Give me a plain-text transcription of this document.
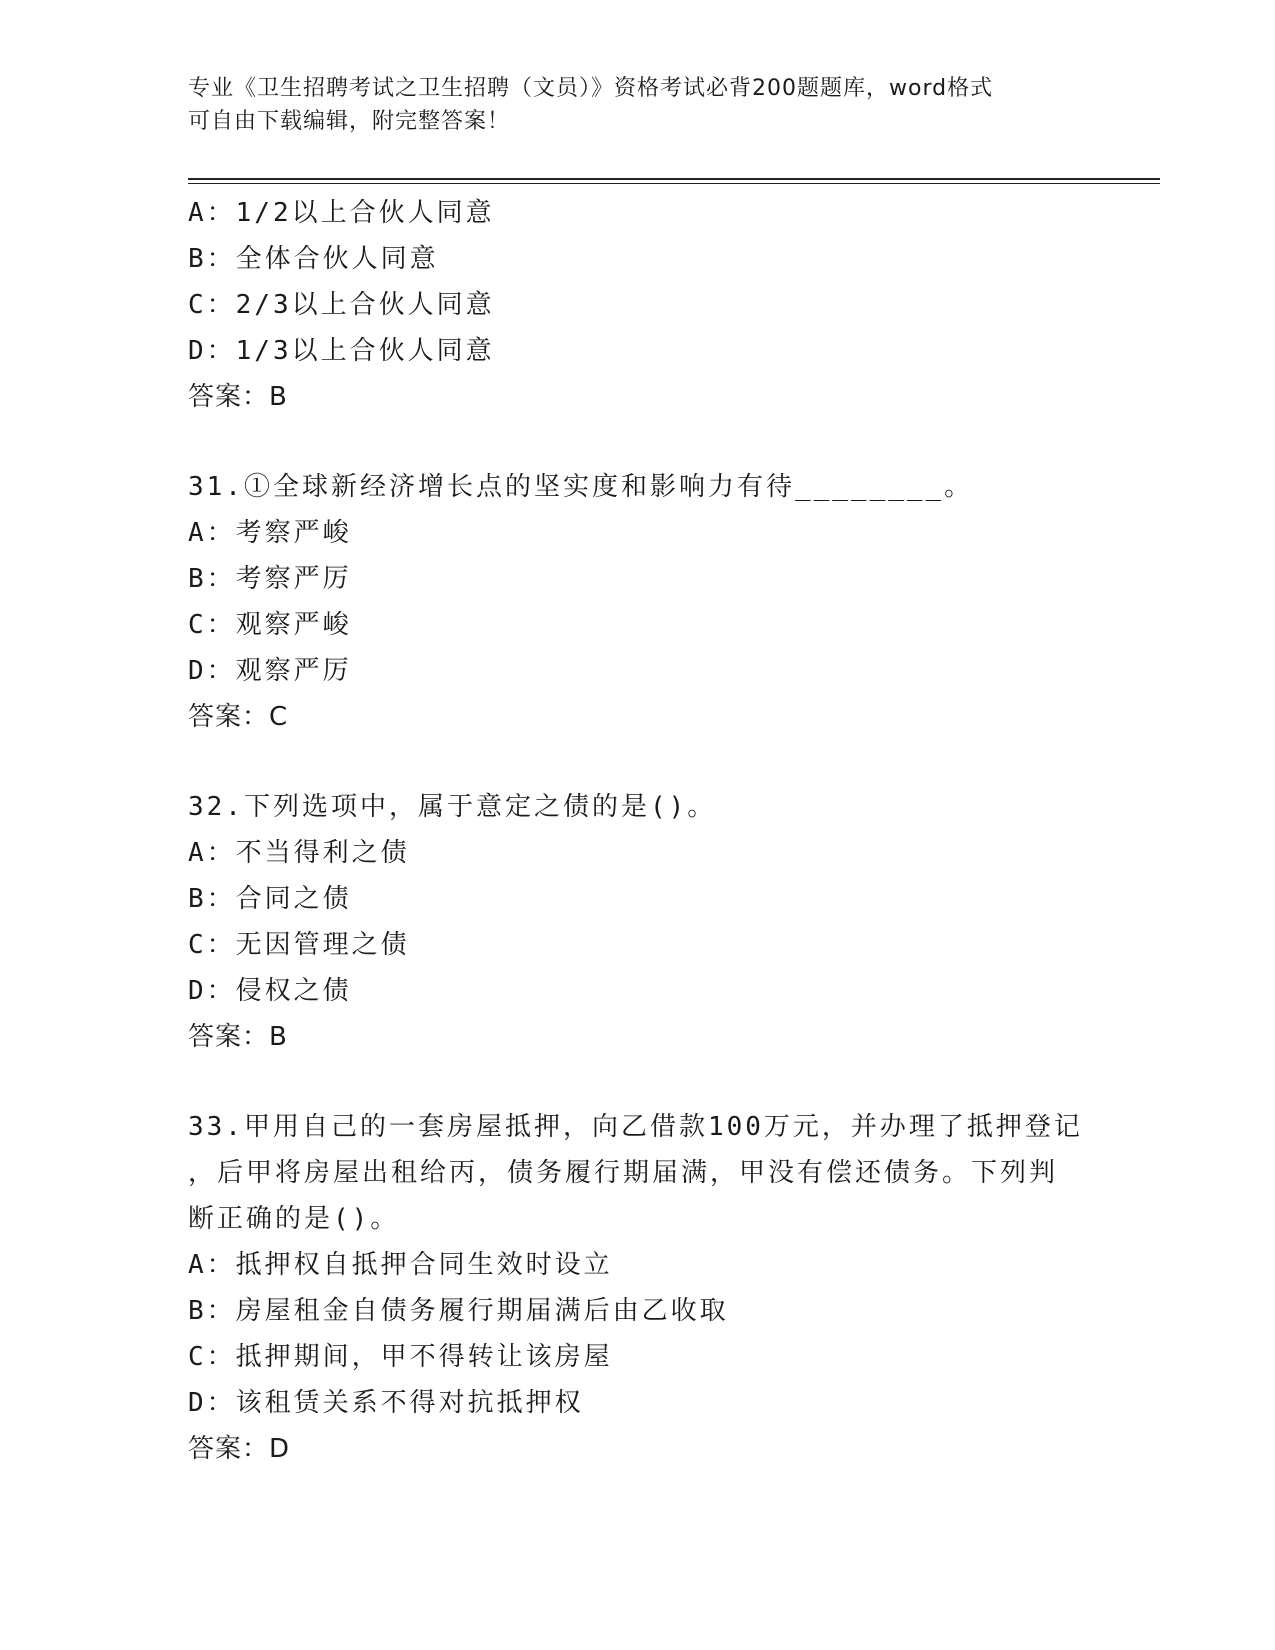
专业《卫生招聘考试之卫生招聘（文员）》资格考试必背200题题库，word格式
可自由下载编辑，附完整答案！
A：1/2以上合伙人同意
B：全体合伙人同意
C：2/3以上合伙人同意
D：1/3以上合伙人同意
答案：B
31.①全球新经济增长点的坚实度和影响力有待________。
A：考察严峻
B：考察严厉
C：观察严峻
D：观察严厉
答案：C
32.下列选项中，属于意定之债的是()。
A：不当得利之债
B：合同之债
C：无因管理之债
D：侵权之债
答案：B
33.甲用自己的一套房屋抵押，向乙借款100万元，并办理了抵押登记
，后甲将房屋出租给丙，债务履行期届满，甲没有偿还债务。下列判
断正确的是()。
A：抵押权自抵押合同生效时设立
B：房屋租金自债务履行期届满后由乙收取
C：抵押期间，甲不得转让该房屋
D：该租赁关系不得对抗抵押权
答案：D
